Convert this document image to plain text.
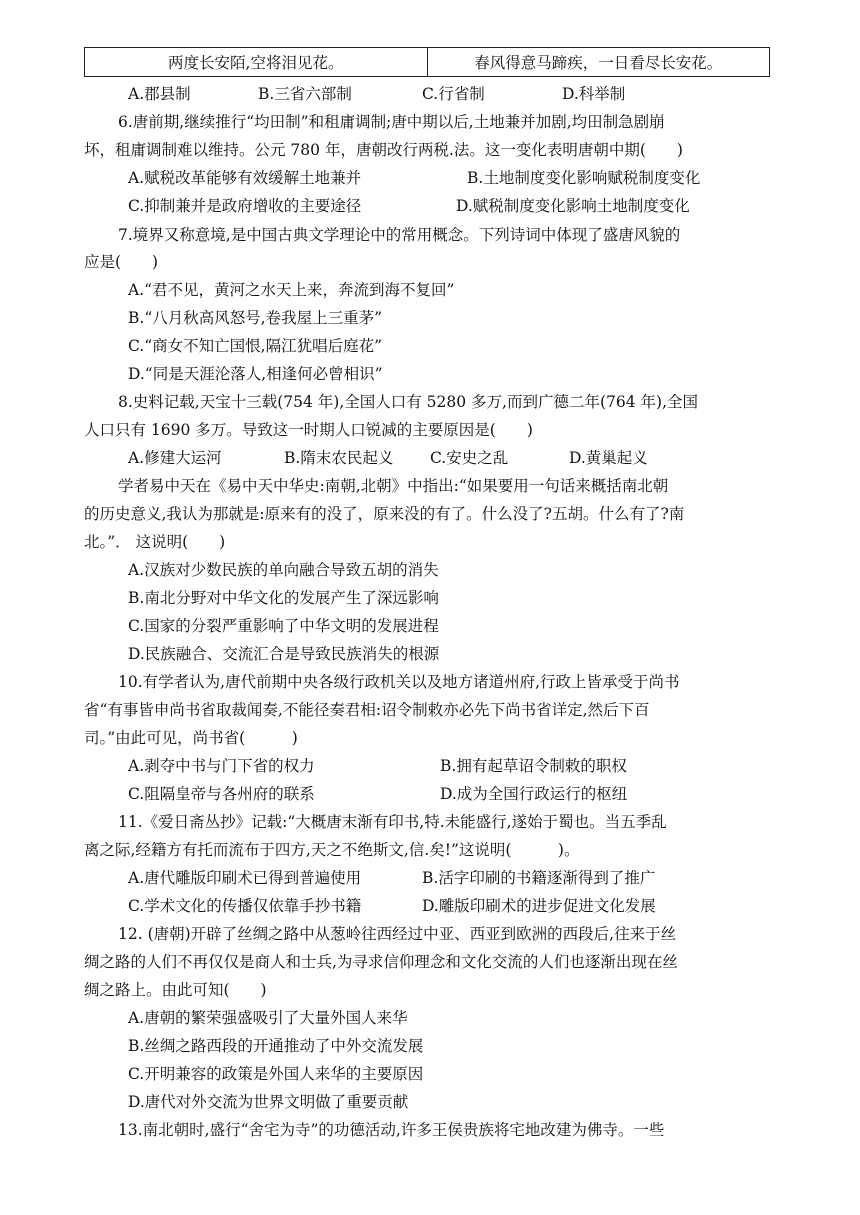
两度长安陌,空将泪见花。	春风得意马蹄疾，一日看尽长安花。
A.郡县制	B.三省六部制	C.行省制	D.科举制
6.唐前期,继续推行“均田制”和租庸调制;唐中期以后,土地兼并加剧,均田制急剧崩
坏，租庸调制难以维持。公元 780 年，唐朝改行两税.法。这一变化表明唐朝中期(　　)
A.赋税改革能够有效缓解土地兼并	B.土地制度变化影响赋税制度变化
C.抑制兼并是政府增收的主要途径	D.赋税制度变化影响土地制度变化
7.境界又称意境,是中国古典文学理论中的常用概念。下列诗词中体现了盛唐风貌的
应是(　　)
A.“君不见，黄河之水天上来，奔流到海不复回”
B.“八月秋高风怒号,卷我屋上三重茅”
C.“商女不知亡国恨,隔江犹唱后庭花”
D.“同是天涯沦落人,相逢何必曾相识”
8.史料记载,天宝十三载(754 年),全国人口有 5280 多万,而到广德二年(764 年),全国
人口只有 1690 多万。导致这一时期人口锐减的主要原因是(　　)
A.修建大运河	B.隋末农民起义 C.安史之乱	D.黄巢起义
学者易中天在《易中天中华史:南朝,北朝》中指出:“如果要用一句话来概括南北朝
的历史意义,我认为那就是:原来有的没了，原来没的有了。什么没了?五胡。什么有了?南
北。”． 这说明(　　)
A.汉族对少数民族的单向融合导致五胡的消失
B.南北分野对中华文化的发展产生了深远影响
C.国家的分裂严重影响了中华文明的发展进程
D.民族融合、交流汇合是导致民族消失的根源
10.有学者认为,唐代前期中央各级行政机关以及地方诸道州府,行政上皆承受于尚书
省“有事皆申尚书省取裁闻奏,不能径奏君相:诏令制敕亦必先下尚书省详定,然后下百
司。”由此可见，尚书省(　　　)
A.剥夺中书与门下省的权力	B.拥有起草诏令制敕的职权
C.阻隔皇帝与各州府的联系	D.成为全国行政运行的枢纽
11.《爱日斋丛抄》记载:“大概唐末渐有印书,特.未能盛行,遂始于蜀也。当五季乱
离之际,经籍方有托而流布于四方,天之不绝斯文,信.矣!”这说明(　　　)。
A.唐代雕版印刷术已得到普遍使用	B.活字印刷的书籍逐渐得到了推广
C.学术文化的传播仅依靠手抄书籍	D.雕版印刷术的进步促进文化发展
12. (唐朝)开辟了丝绸之路中从葱岭往西经过中亚、西亚到欧洲的西段后,往来于丝
绸之路的人们不再仅仅是商人和士兵,为寻求信仰理念和文化交流的人们也逐渐出现在丝
绸之路上。由此可知(　　)
A.唐朝的繁荣强盛吸引了大量外国人来华
B.丝绸之路西段的开通推动了中外交流发展
C.开明兼容的政策是外国人来华的主要原因
D.唐代对外交流为世界文明做了重要贡献
13.南北朝时,盛行“舍宅为寺”的功德活动,许多王侯贵族将宅地改建为佛寺。一些
